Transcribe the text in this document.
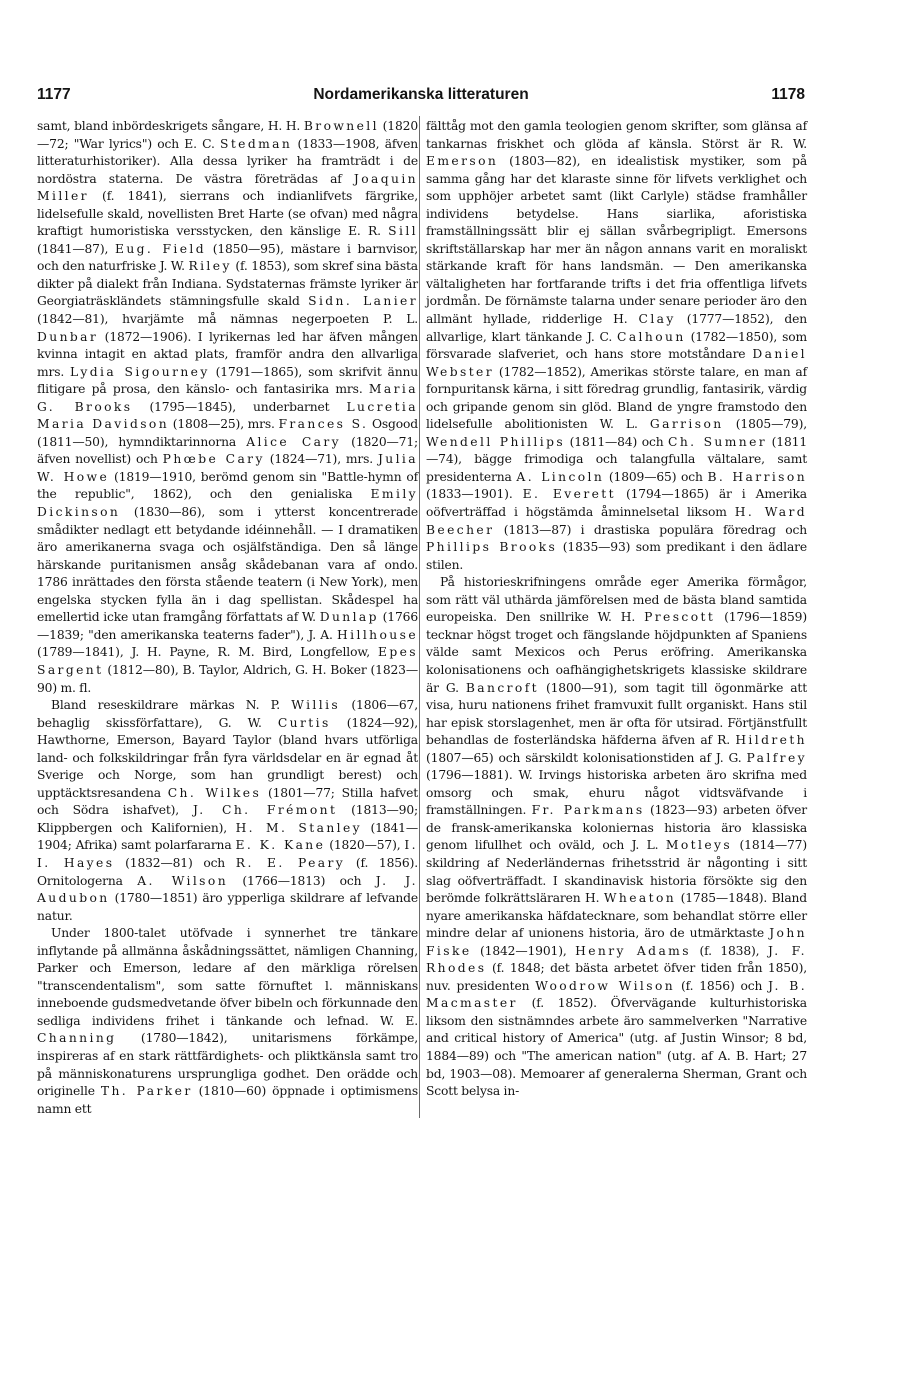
1177	Nordamerikanska litteraturen	1178

samt, bland inbördeskrigets sångare, H. H. Brownell (1820—72; "War lyrics") och E. C. Stedman (1833—1908, äfven litteraturhistoriker). Alla dessa lyriker ha framträdt i de nordöstra staterna. De västra företrädas af Joaquin Miller (f. 1841), sierrans och indianlifvets färgrike, lidelsefulle skald, novellisten Bret Harte (se ofvan) med några kraftigt humoristiska versstycken, den känslige E. R. Sill (1841—87), Eug. Field (1850—95), mästare i barnvisor, och den naturfriske J. W. Riley (f. 1853), som skref sina bästa dikter på dialekt från Indiana. Sydstaternas främste lyriker är Georgiaträskländets stämningsfulle skald Sidn. Lanier (1842—81), hvarjämte må nämnas negerpoeten P. L. Dunbar (1872—1906). I lyrikernas led har äfven mången kvinna intagit en aktad plats, framför andra den allvarliga mrs. Lydia Sigourney (1791—1865), som skrifvit ännu flitigare på prosa, den känslo- och fantasirika mrs. Maria G. Brooks (1795—1845), underbarnet Lucretia Maria Davidson (1808—25), mrs. Frances S. Osgood (1811—50), hymndiktarinnorna Alice Cary (1820—71; äfven novellist) och Phœbe Cary (1824—71), mrs. Julia W. Howe (1819—1910, berömd genom sin "Battle-hymn of the republic", 1862), och den genialiska Emily Dickinson (1830—86), som i ytterst koncentrerade smådikter nedlagt ett betydande idéinnehåll. — I dramatiken äro amerikanerna svaga och osjälfständiga. Den så länge härskande puritanismen ansåg skådebanan vara af ondo. 1786 inrättades den första stående teatern (i New York), men engelska stycken fylla än i dag spellistan. Skådespel ha emellertid icke utan framgång författats af W. Dunlap (1766—1839; "den amerikanska teaterns fader"), J. A. Hillhouse (1789—1841), J. H. Payne, R. M. Bird, Longfellow, Epes Sargent (1812—80), B. Taylor, Aldrich, G. H. Boker (1823—90) m. fl.

Bland reseskildrare märkas N. P. Willis (1806—67, behaglig skissförfattare), G. W. Curtis (1824—92), Hawthorne, Emerson, Bayard Taylor (bland hvars utförliga land- och folkskildringar från fyra världsdelar en är egnad åt Sverige och Norge, som han grundligt berest) och upptäcktsresandena Ch. Wilkes (1801—77; Stilla hafvet och Södra ishafvet), J. Ch. Frémont (1813—90; Klippbergen och Kalifornien), H. M. Stanley (1841—1904; Afrika) samt polarfararna E. K. Kane (1820—57), I. I. Hayes (1832—81) och R. E. Peary (f. 1856). Ornitologerna A. Wilson (1766—1813) och J. J. Audubon (1780—1851) äro ypperliga skildrare af lefvande natur.

Under 1800-talet utöfvade i synnerhet tre tänkare inflytande på allmänna åskådningssättet, nämligen Channing, Parker och Emerson, ledare af den märkliga rörelsen "transcendentalism", som satte förnuftet l. människans inneboende gudsmedvetande öfver bibeln och förkunnade den sedliga individens frihet i tänkande och lefnad. W. E. Channing (1780—1842), unitarismens förkämpe, inspireras af en stark rättfärdighets- och pliktkänsla samt tro på människonaturens ursprungliga godhet. Den orädde och originelle Th. Parker (1810—60) öppnade i optimismens namn ett

fälttåg mot den gamla teologien genom skrifter, som glänsa af tankarnas friskhet och glöda af känsla. Störst är R. W. Emerson (1803—82), en idealistisk mystiker, som på samma gång har det klaraste sinne för lifvets verklighet och som upphöjer arbetet samt (likt Carlyle) städse framhåller individens betydelse. Hans siarlika, aforistiska framställningssätt blir ej sällan svårbegripligt. Emersons skriftställarskap har mer än någon annans varit en moraliskt stärkande kraft för hans landsmän. — Den amerikanska vältaligheten har fortfarande trifts i det fria offentliga lifvets jordmån. De förnämste talarna under senare perioder äro den allmänt hyllade, ridderlige H. Clay (1777—1852), den allvarlige, klart tänkande J. C. Calhoun (1782—1850), som försvarade slafveriet, och hans store motståndare Daniel Webster (1782—1852), Amerikas störste talare, en man af fornpuritansk kärna, i sitt föredrag grundlig, fantasirik, värdig och gripande genom sin glöd. Bland de yngre framstodo den lidelsefulle abolitionisten W. L. Garrison (1805—79), Wendell Phillips (1811—84) och Ch. Sumner (1811—74), bägge frimodiga och talangfulla vältalare, samt presidenterna A. Lincoln (1809—65) och B. Harrison (1833—1901). E. Everett (1794—1865) är i Amerika oöfverträffad i högstämda åminnelsetal liksom H. Ward Beecher (1813—87) i drastiska populära föredrag och Phillips Brooks (1835—93) som predikant i den ädlare stilen.

På historieskrifningens område eger Amerika förmågor, som rätt väl uthärda jämförelsen med de bästa bland samtida europeiska. Den snillrike W. H. Prescott (1796—1859) tecknar högst troget och fängslande höjdpunkten af Spaniens välde samt Mexicos och Perus eröfring. Amerikanska kolonisationens och oafhängighetskrigets klassiske skildrare är G. Bancroft (1800—91), som tagit till ögonmärke att visa, huru nationens frihet framvuxit fullt organiskt. Hans stil har episk storslagenhet, men är ofta för utsirad. Förtjänstfullt behandlas de fosterländska häfderna äfven af R. Hildreth (1807—65) och särskildt kolonisationstiden af J. G. Palfrey (1796—1881). W. Irvings historiska arbeten äro skrifna med omsorg och smak, ehuru något vidtsväfvande i framställningen. Fr. Parkmans (1823—93) arbeten öfver de fransk-amerikanska koloniernas historia äro klassiska genom lifullhet och oväld, och J. L. Motleys (1814—77) skildring af Nederländernas frihetsstrid är någonting i sitt slag oöfverträffadt. I skandinavisk historia försökte sig den berömde folkrättsläraren H. Wheaton (1785—1848). Bland nyare amerikanska häfdatecknare, som behandlat större eller mindre delar af unionens historia, äro de utmärktaste John Fiske (1842—1901), Henry Adams (f. 1838), J. F. Rhodes (f. 1848; det bästa arbetet öfver tiden från 1850), nuv. presidenten Woodrow Wilson (f. 1856) och J. B. Macmaster (f. 1852). Öfvervägande kulturhistoriska liksom den sistnämndes arbete äro sammelverken "Narrative and critical history of America" (utg. af Justin Winsor; 8 bd, 1884—89) och "The american nation" (utg. af A. B. Hart; 27 bd, 1903—08). Memoarer af generalerna Sherman, Grant och Scott belysa in-
